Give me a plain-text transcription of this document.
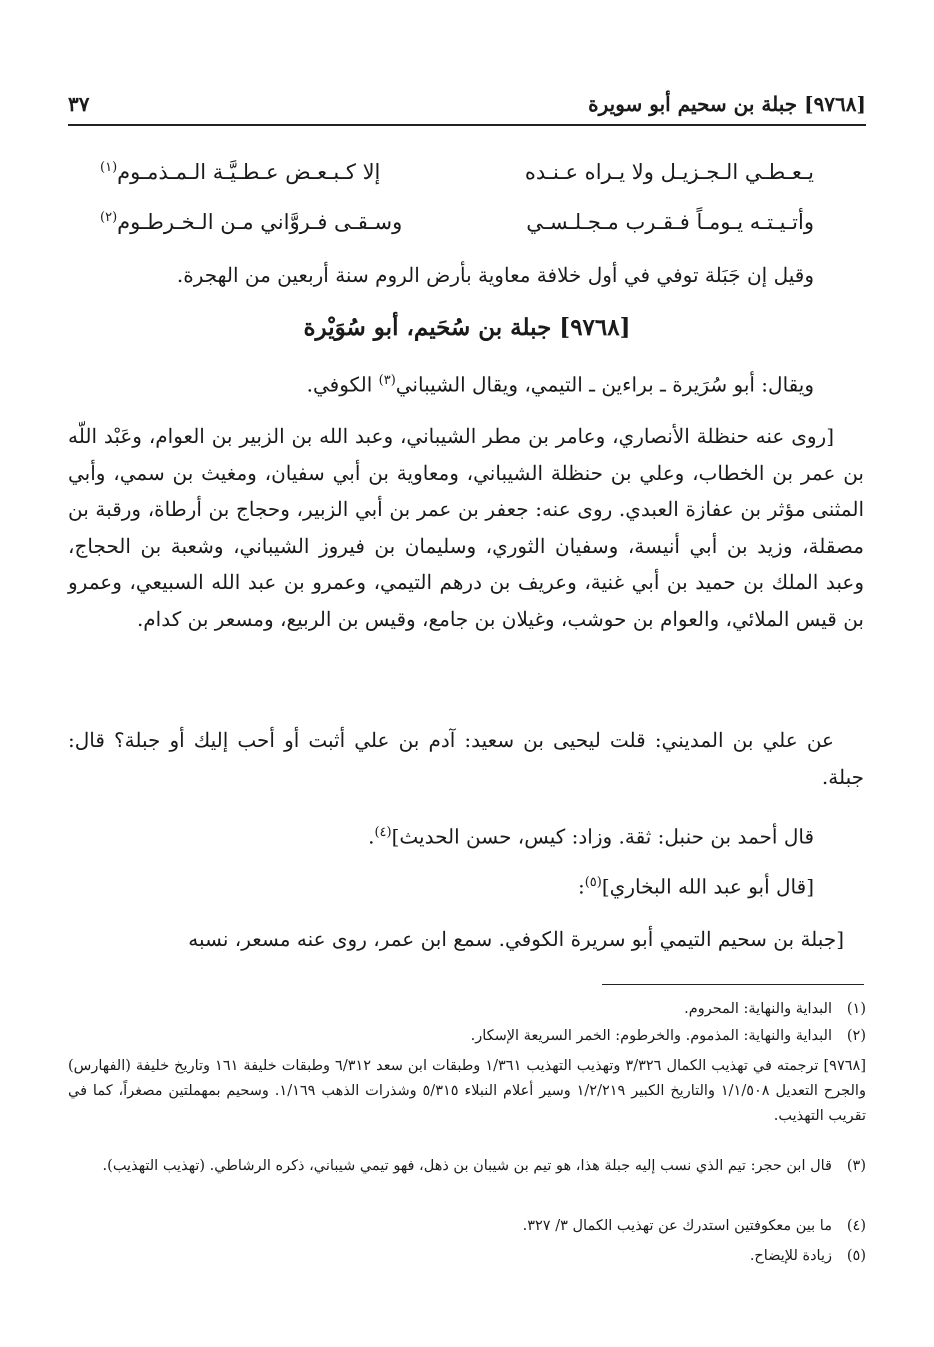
[٩٧٦٨] جبلة بن سحيم أبو سويرة
٣٧
يـعـطـي الـجـزيـل ولا يـراه عـنـده
إلا كـبـعـض عـطـيَّـة الـمـذمـوم$^{(١)}$
وأتـيـتـه يـومـاً فـقـرب مـجـلـسـي
وسـقـى فـروَّاني مـن الـخـرطـوم$^{(٢)}$
وقيل إن جَبَلة توفي في أول خلافة معاوية بأرض الروم سنة أربعين من الهجرة.
[٩٧٦٨] جبلة بن سُحَيم، أبو سُوَيْرة
ويقال: أبو سُرَيرة ـ براءين ـ التيمي، ويقال الشيباني$^{(٣)}$ الكوفي.
[روى عنه حنظلة الأنصاري، وعامر بن مطر الشيباني، وعبد الله بن الزبير بن العوام، وعَبْد اللّه بن عمر بن الخطاب، وعلي بن حنظلة الشيباني، ومعاوية بن أبي سفيان، ومغيث بن سمي، وأبي المثنى مؤثر بن عفازة العبدي. روى عنه: جعفر بن عمر بن أبي الزبير، وحجاج بن أرطاة، ورقبة بن مصقلة، وزيد بن أبي أنيسة، وسفيان الثوري، وسليمان بن فيروز الشيباني، وشعبة بن الحجاج، وعبد الملك بن حميد بن أبي غنية، وعريف بن درهم التيمي، وعمرو بن عبد الله السبيعي، وعمرو بن قيس الملائي، والعوام بن حوشب، وغيلان بن جامع، وقيس بن الربيع، ومسعر بن كدام.
عن علي بن المديني: قلت ليحيى بن سعيد: آدم بن علي أثبت أو أحب إليك أو جبلة؟ قال: جبلة.
قال أحمد بن حنبل: ثقة. وزاد: كيس، حسن الحديث]$^{(٤)}$.
[قال أبو عبد الله البخاري]$^{(٥)}$:
[جبلة بن سحيم التيمي أبو سريرة الكوفي. سمع ابن عمر، روى عنه مسعر، نسبه
(١)البداية والنهاية: المحروم.
(٢)البداية والنهاية: المذموم. والخرطوم: الخمر السريعة الإسكار.
[٩٧٦٨] ترجمته في تهذيب الكمال ٣/٣٢٦ وتهذيب التهذيب ١/٣٦١ وطبقات ابن سعد ٦/٣١٢ وطبقات خليفة ١٦١ وتاريخ خليفة (الفهارس) والجرح التعديل ١/١/٥٠٨ والتاريخ الكبير ١/٢/٢١٩ وسير أعلام النبلاء ٥/٣١٥ وشذرات الذهب ١/١٦٩. وسحيم بمهملتين مصغراً، كما في تقريب التهذيب.
(٣)قال ابن حجر: تيم الذي نسب إليه جبلة هذا، هو تيم بن شيبان بن ذهل، فهو تيمي شيباني، ذكره الرشاطي. (تهذيب التهذيب).
(٤)ما بين معكوفتين استدرك عن تهذيب الكمال ٣/ ٣٢٧.
(٥)زيادة للإيضاح.
